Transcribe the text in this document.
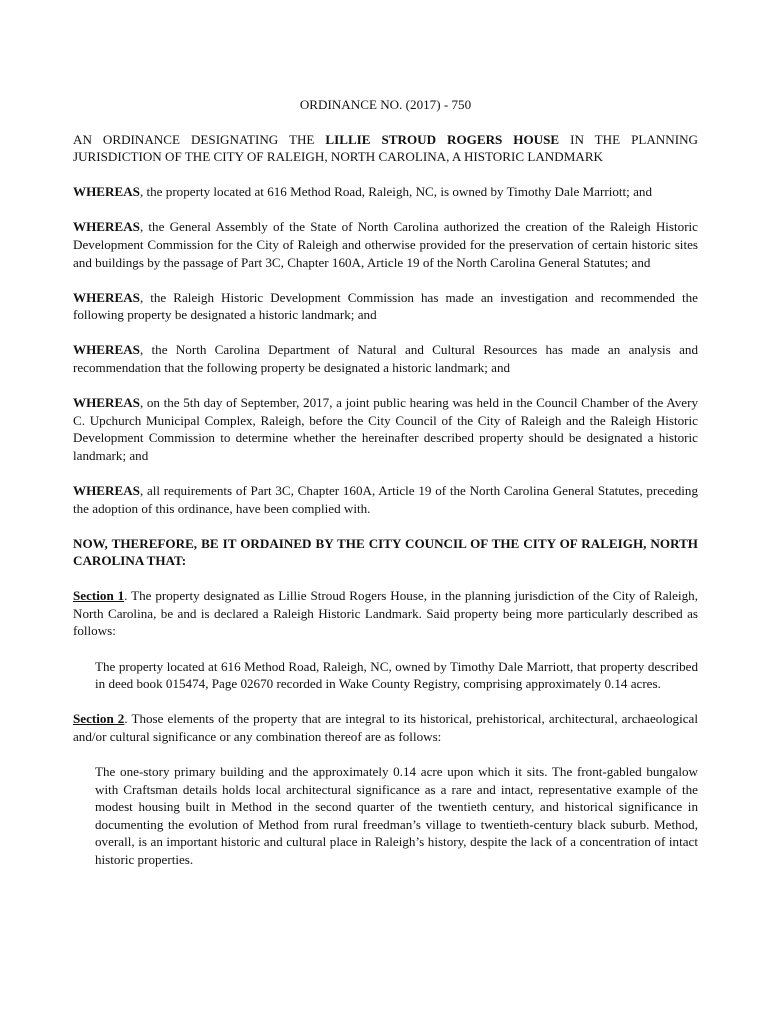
ORDINANCE NO. (2017) - 750

AN ORDINANCE DESIGNATING THE LILLIE STROUD ROGERS HOUSE IN THE PLANNING JURISDICTION OF THE CITY OF RALEIGH, NORTH CAROLINA, A HISTORIC LANDMARK

WHEREAS, the property located at 616 Method Road, Raleigh, NC, is owned by Timothy Dale Marriott; and

WHEREAS, the General Assembly of the State of North Carolina authorized the creation of the Raleigh Historic Development Commission for the City of Raleigh and otherwise provided for the preservation of certain historic sites and buildings by the passage of Part 3C, Chapter 160A, Article 19 of the North Carolina General Statutes; and

WHEREAS, the Raleigh Historic Development Commission has made an investigation and recommended the following property be designated a historic landmark; and

WHEREAS, the North Carolina Department of Natural and Cultural Resources has made an analysis and recommendation that the following property be designated a historic landmark; and

WHEREAS, on the 5th day of September, 2017, a joint public hearing was held in the Council Chamber of the Avery C. Upchurch Municipal Complex, Raleigh, before the City Council of the City of Raleigh and the Raleigh Historic Development Commission to determine whether the hereinafter described property should be designated a historic landmark; and

WHEREAS, all requirements of Part 3C, Chapter 160A, Article 19 of the North Carolina General Statutes, preceding the adoption of this ordinance, have been complied with.

NOW, THEREFORE, BE IT ORDAINED BY THE CITY COUNCIL OF THE CITY OF RALEIGH, NORTH CAROLINA THAT:

Section 1. The property designated as Lillie Stroud Rogers House, in the planning jurisdiction of the City of Raleigh, North Carolina, be and is declared a Raleigh Historic Landmark. Said property being more particularly described as follows:

The property located at 616 Method Road, Raleigh, NC, owned by Timothy Dale Marriott, that property described in deed book 015474, Page 02670 recorded in Wake County Registry, comprising approximately 0.14 acres.

Section 2. Those elements of the property that are integral to its historical, prehistorical, architectural, archaeological and/or cultural significance or any combination thereof are as follows:

The one-story primary building and the approximately 0.14 acre upon which it sits. The front-gabled bungalow with Craftsman details holds local architectural significance as a rare and intact, representative example of the modest housing built in Method in the second quarter of the twentieth century, and historical significance in documenting the evolution of Method from rural freedman’s village to twentieth-century black suburb. Method, overall, is an important historic and cultural place in Raleigh’s history, despite the lack of a concentration of intact historic properties.
